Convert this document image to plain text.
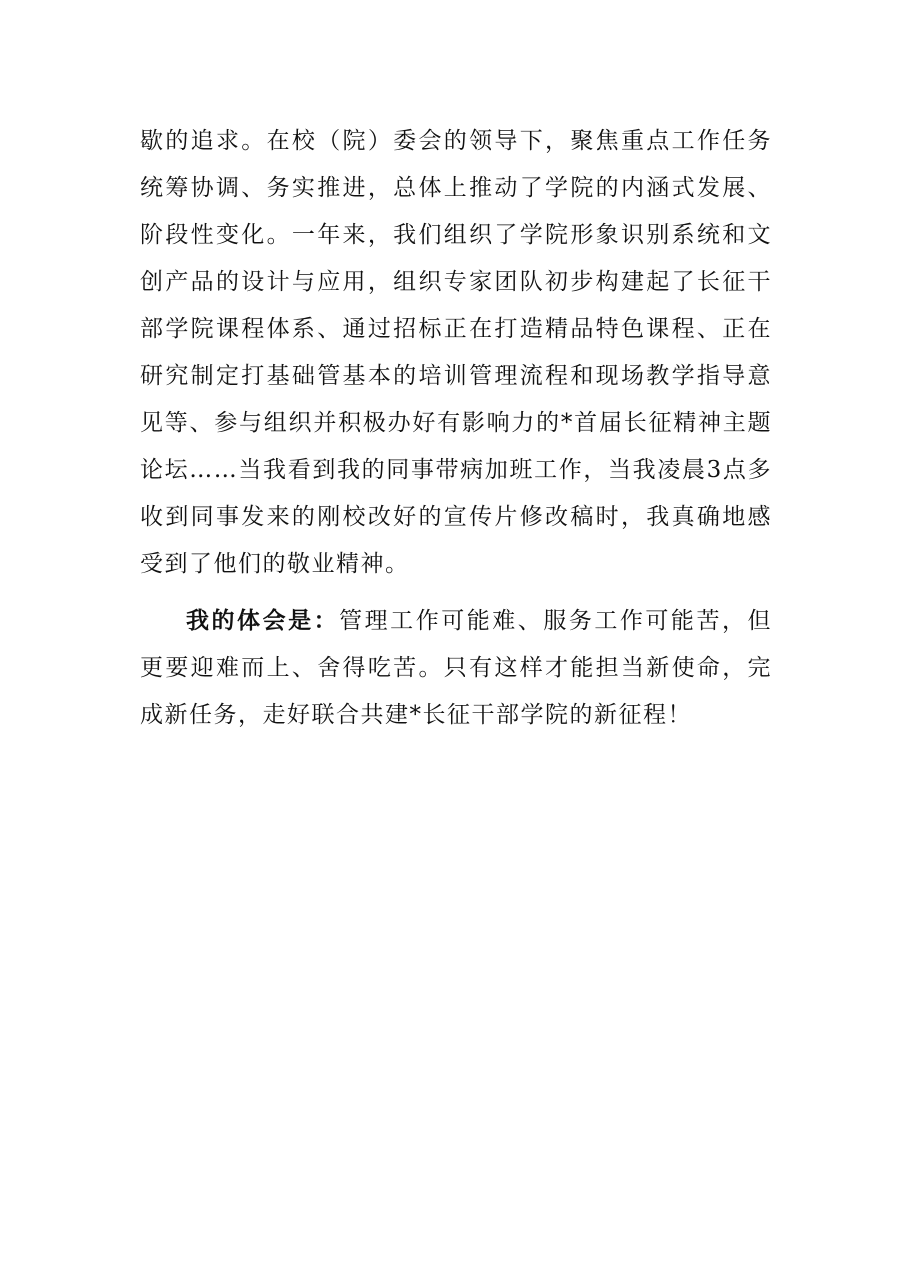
歇的追求。在校（院）委会的领导下，聚焦重点工作任务统筹协调、务实推进，总体上推动了学院的内涵式发展、阶段性变化。一年来，我们组织了学院形象识别系统和文创产品的设计与应用，组织专家团队初步构建起了长征干部学院课程体系、通过招标正在打造精品特色课程、正在研究制定打基础管基本的培训管理流程和现场教学指导意见等、参与组织并积极办好有影响力的*首届长征精神主题论坛……当我看到我的同事带病加班工作，当我凌晨3点多收到同事发来的刚校改好的宣传片修改稿时，我真确地感受到了他们的敬业精神。

我的体会是：管理工作可能难、服务工作可能苦，但更要迎难而上、舍得吃苦。只有这样才能担当新使命，完成新任务，走好联合共建*长征干部学院的新征程！
